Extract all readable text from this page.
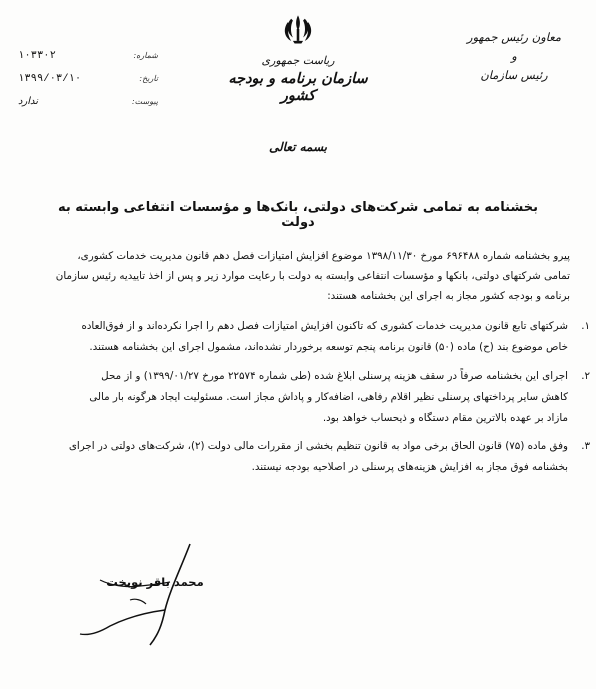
معاون رئیس جمهور
و
رئیس سازمان
ریاست جمهوری
سازمان برنامه و بودجه کشور
شماره:
۱۰۳۳۰۲
تاریخ:
۱۳۹۹/۰۳/۱۰
پیوست:
ندارد
بسمه تعالی
بخشنامه به تمامی شرکت‌های دولتی، بانک‌ها و مؤسسات انتفاعی وابسته به دولت
پیرو بخشنامه شماره ۶۹۶۴۸۸ مورخ ۱۳۹۸/۱۱/۳۰ موضوع افزایش امتیازات فصل دهم قانون مدیریت خدمات کشوری،
تمامی شرکتهای دولتی، بانکها و مؤسسات انتفاعی وابسته به دولت با رعایت موارد زیر و پس از اخذ تاییدیه رئیس سازمان
برنامه و بودجه کشور مجاز به اجرای این بخشنامه هستند:
۱.
شرکتهای تابع قانون مدیریت خدمات کشوری که تاکنون افزایش امتیازات فصل دهم را اجرا نکرده‌اند و از فوق‌العاده
خاص موضوع بند (ح) ماده (۵۰) قانون برنامه پنجم توسعه برخوردار نشده‌اند، مشمول اجرای این بخشنامه هستند.
۲.
اجرای این بخشنامه صرفاً در سقف هزینه پرسنلی ابلاغ شده (طی شماره ۲۲۵۷۴ مورخ ۱۳۹۹/۰۱/۲۷) و از محل
کاهش سایر پرداختهای پرسنلی نظیر اقلام رفاهی، اضافه‌کار و پاداش مجاز است. مسئولیت ایجاد هرگونه بار مالی
مازاد بر عهده بالاترین مقام دستگاه و ذیحساب خواهد بود.
۳.
وفق ماده (۷۵) قانون الحاق برخی مواد به قانون تنظیم بخشی از مقررات مالی دولت (۲)، شرکت‌های دولتی در اجرای
بخشنامه فوق مجاز به افزایش هزینه‌های پرسنلی در اصلاحیه بودجه نیستند.
محمد باقر نوبخت
